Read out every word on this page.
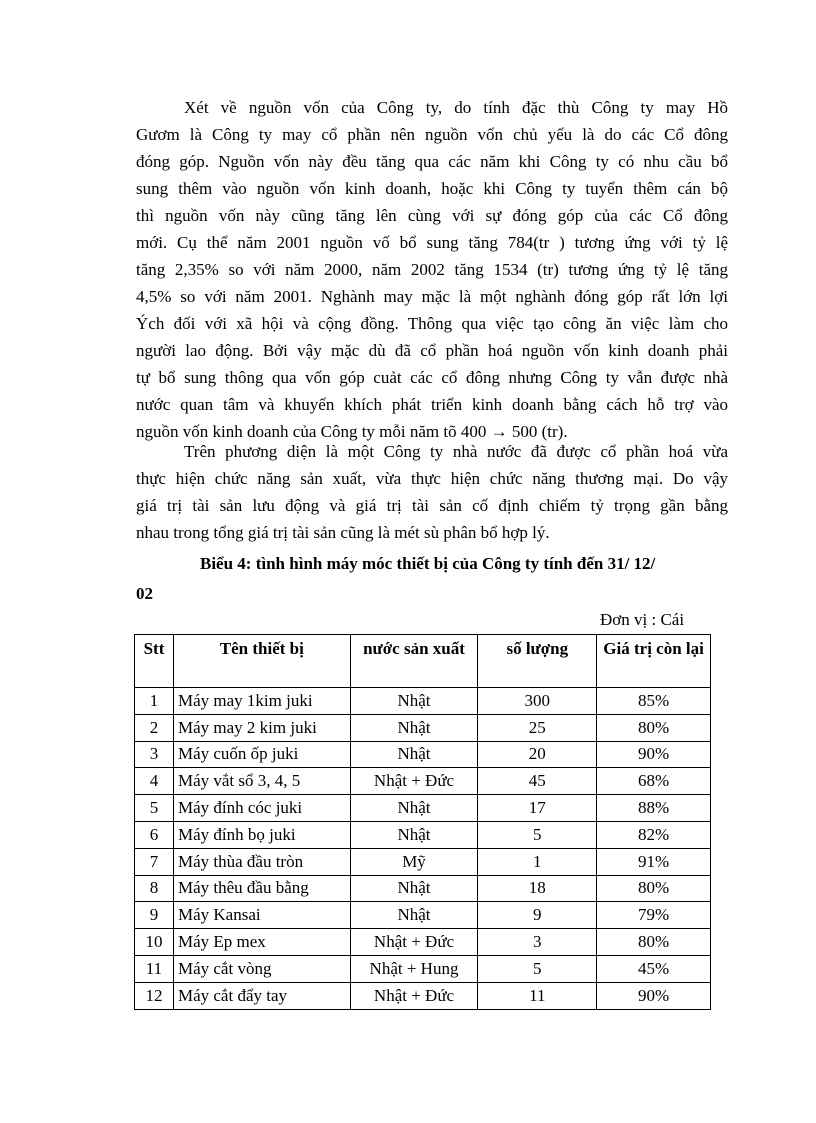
Xét về nguồn vốn của Công ty, do tính đặc thù Công ty may Hồ
Gươm là Công ty may cổ phần nên nguồn vốn chủ yếu là do các Cổ đông
đóng góp. Nguồn vốn này đều tăng qua các năm khi Công ty có nhu cầu bổ
sung thêm vào nguồn vốn kinh doanh, hoặc khi Công ty tuyển thêm cán bộ
thì nguồn vốn này cũng tăng lên cùng với sự đóng góp của các Cổ đông
mới. Cụ thể năm 2001 nguồn vố bổ sung tăng 784(tr ) tương ứng với tỷ lệ
tăng 2,35% so với năm 2000, năm 2002 tăng 1534 (tr) tương ứng tỷ lệ tăng
4,5% so với năm 2001. Nghành may mặc là một nghành đóng góp rất lớn lợi
Ých đối với xã hội và cộng đồng. Thông qua việc tạo công ăn việc làm cho
người lao động. Bởi vậy mặc dù đã cổ phần hoá nguồn vốn kinh doanh phải
tự bổ sung thông qua vốn góp cuảt các cổ đông nhưng Công ty vẫn được nhà
nước quan tâm và khuyến khích phát triển kinh doanh bằng cách hỗ trợ vào
nguồn vốn kinh doanh của Công ty mỗi năm tõ 400 → 500 (tr).

Trên phương diện là một Công ty nhà nước đã được cổ phần hoá vừa
thực hiện chức năng sản xuất, vừa thực hiện chức năng thương mại. Do vậy
giá trị tài sản lưu động và giá trị tài sản cố định chiếm tỷ trọng gần bằng
nhau trong tổng giá trị tài sản cũng là mét sù phân bổ hợp lý.

Biểu 4: tình hình máy móc thiết bị của Công ty tính đến 31/ 12/
02
Đơn vị : Cái
Stt	Tên thiết bị	nước sản xuất	số lượng	Giá trị còn lại
1	Máy may 1kim juki	Nhật	300	85%
2	Máy may 2 kim juki	Nhật	25	80%
3	Máy cuốn ốp juki	Nhật	20	90%
4	Máy vắt sổ 3, 4, 5	Nhật + Đức	45	68%
5	Máy đính cóc juki	Nhật	17	88%
6	Máy đính bọ juki	Nhật	5	82%
7	Máy thùa đầu tròn	Mỹ	1	91%
8	Máy thêu đầu bằng	Nhật	18	80%
9	Máy Kansai	Nhật	9	79%
10	Máy Ep mex	Nhật + Đức	3	80%
11	Máy cắt vòng	Nhật + Hung	5	45%
12	Máy cắt đẩy tay	Nhật + Đức	11	90%
